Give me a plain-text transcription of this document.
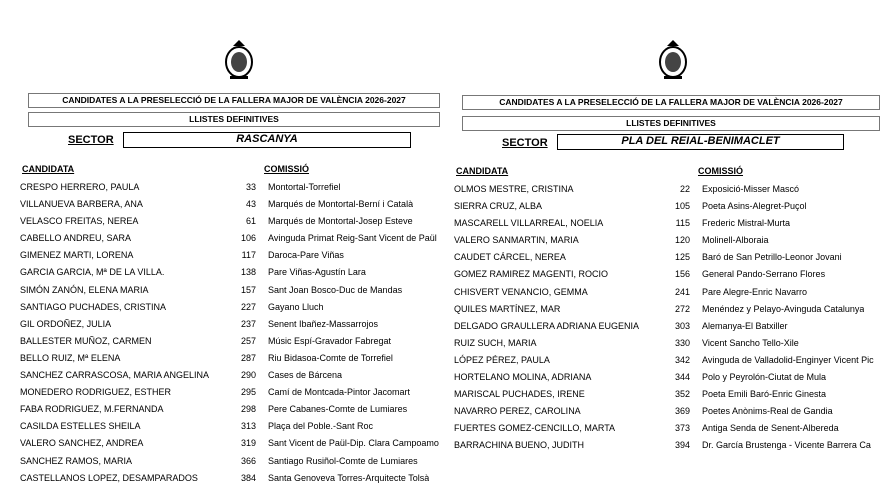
CANDIDATES A LA PRESELECCIÓ DE LA FALLERA MAJOR DE VALÈNCIA 2026-2027
LLISTES DEFINITIVES
SECTOR	RASCANYA
CANDIDATA	COMISSIÓ
CRESPO HERRERO, PAULA	33 Montortal-Torrefiel
VILLANUEVA BARBERA, ANA	43 Marqués de Montortal-Berní i Català
VELASCO FREITAS, NEREA	61 Marqués de Montortal-Josep Esteve
CABELLO ANDREU, SARA	106 Avinguda Primat Reig-Sant Vicent de Paül
GIMENEZ MARTI, LORENA	117 Daroca-Pare Viñas
GARCIA GARCIA, Mª DE LA VILLA.	138 Pare Viñas-Agustín Lara
SIMÓN ZANÓN, ELENA MARIA	157 Sant Joan Bosco-Duc de Mandas
SANTIAGO PUCHADES, CRISTINA	227 Gayano Lluch
GIL ORDOÑEZ, JULIA	237 Senent Ibañez-Massarrojos
BALLESTER MUÑOZ, CARMEN	257 Músic Espí-Gravador Fabregat
BELLO RUIZ, Mª ELENA	287 Riu Bidasoa-Comte de Torrefiel
SANCHEZ CARRASCOSA, MARIA ANGELINA	290 Cases de Bárcena
MONEDERO RODRIGUEZ, ESTHER	295 Camí de Montcada-Pintor Jacomart
FABA RODRIGUEZ, M.FERNANDA	298 Pere Cabanes-Comte de Lumiares
CASILDA ESTELLES SHEILA	313 Plaça del Poble.-Sant Roc
VALERO SANCHEZ, ANDREA	319 Sant Vicent de Paül-Dip. Clara Campoamo
SANCHEZ RAMOS, MARIA	366 Santiago Rusiñol-Comte de Lumiares
CASTELLANOS LOPEZ, DESAMPARADOS	384 Santa Genoveva Torres-Arquitecte Tolsà
CANDIDATES A LA PRESELECCIÓ DE LA FALLERA MAJOR DE VALÈNCIA 2026-2027
LLISTES DEFINITIVES
SECTOR	PLA DEL REIAL-BENIMACLET
CANDIDATA	COMISSIÓ
OLMOS MESTRE, CRISTINA	22 Exposició-Misser Mascó
SIERRA CRUZ, ALBA	105 Poeta Asins-Alegret-Puçol
MASCARELL VILLARREAL, NOELIA	115 Frederic Mistral-Murta
VALERO SANMARTIN, MARIA	120 Molinell-Alboraia
CAUDET CÁRCEL, NEREA	125 Baró de San Petrillo-Leonor Jovani
GOMEZ RAMIREZ MAGENTI, ROCIO	156 General Pando-Serrano Flores
CHISVERT VENANCIO, GEMMA	241 Pare Alegre-Enric Navarro
QUILES MARTÍNEZ, MAR	272 Menéndez y Pelayo-Avinguda Catalunya
DELGADO GRAULLERA ADRIANA EUGENIA	303 Alemanya-El Batxiller
RUIZ SUCH, MARIA	330 Vicent Sancho Tello-Xile
LÓPEZ PÉREZ, PAULA	342 Avinguda de Valladolid-Enginyer Vicent Pic
HORTELANO MOLINA, ADRIANA	344 Polo y Peyrolón-Ciutat de Mula
MARISCAL PUCHADES, IRENE	352 Poeta Emili Baró-Enric Ginesta
NAVARRO PEREZ, CAROLINA	369 Poetes Anònims-Real de Gandia
FUERTES GOMEZ-CENCILLO, MARTA	373 Antiga Senda de Senent-Albereda
BARRACHINA BUENO, JUDITH	394 Dr. García Brustenga - Vicente Barrera Ca
